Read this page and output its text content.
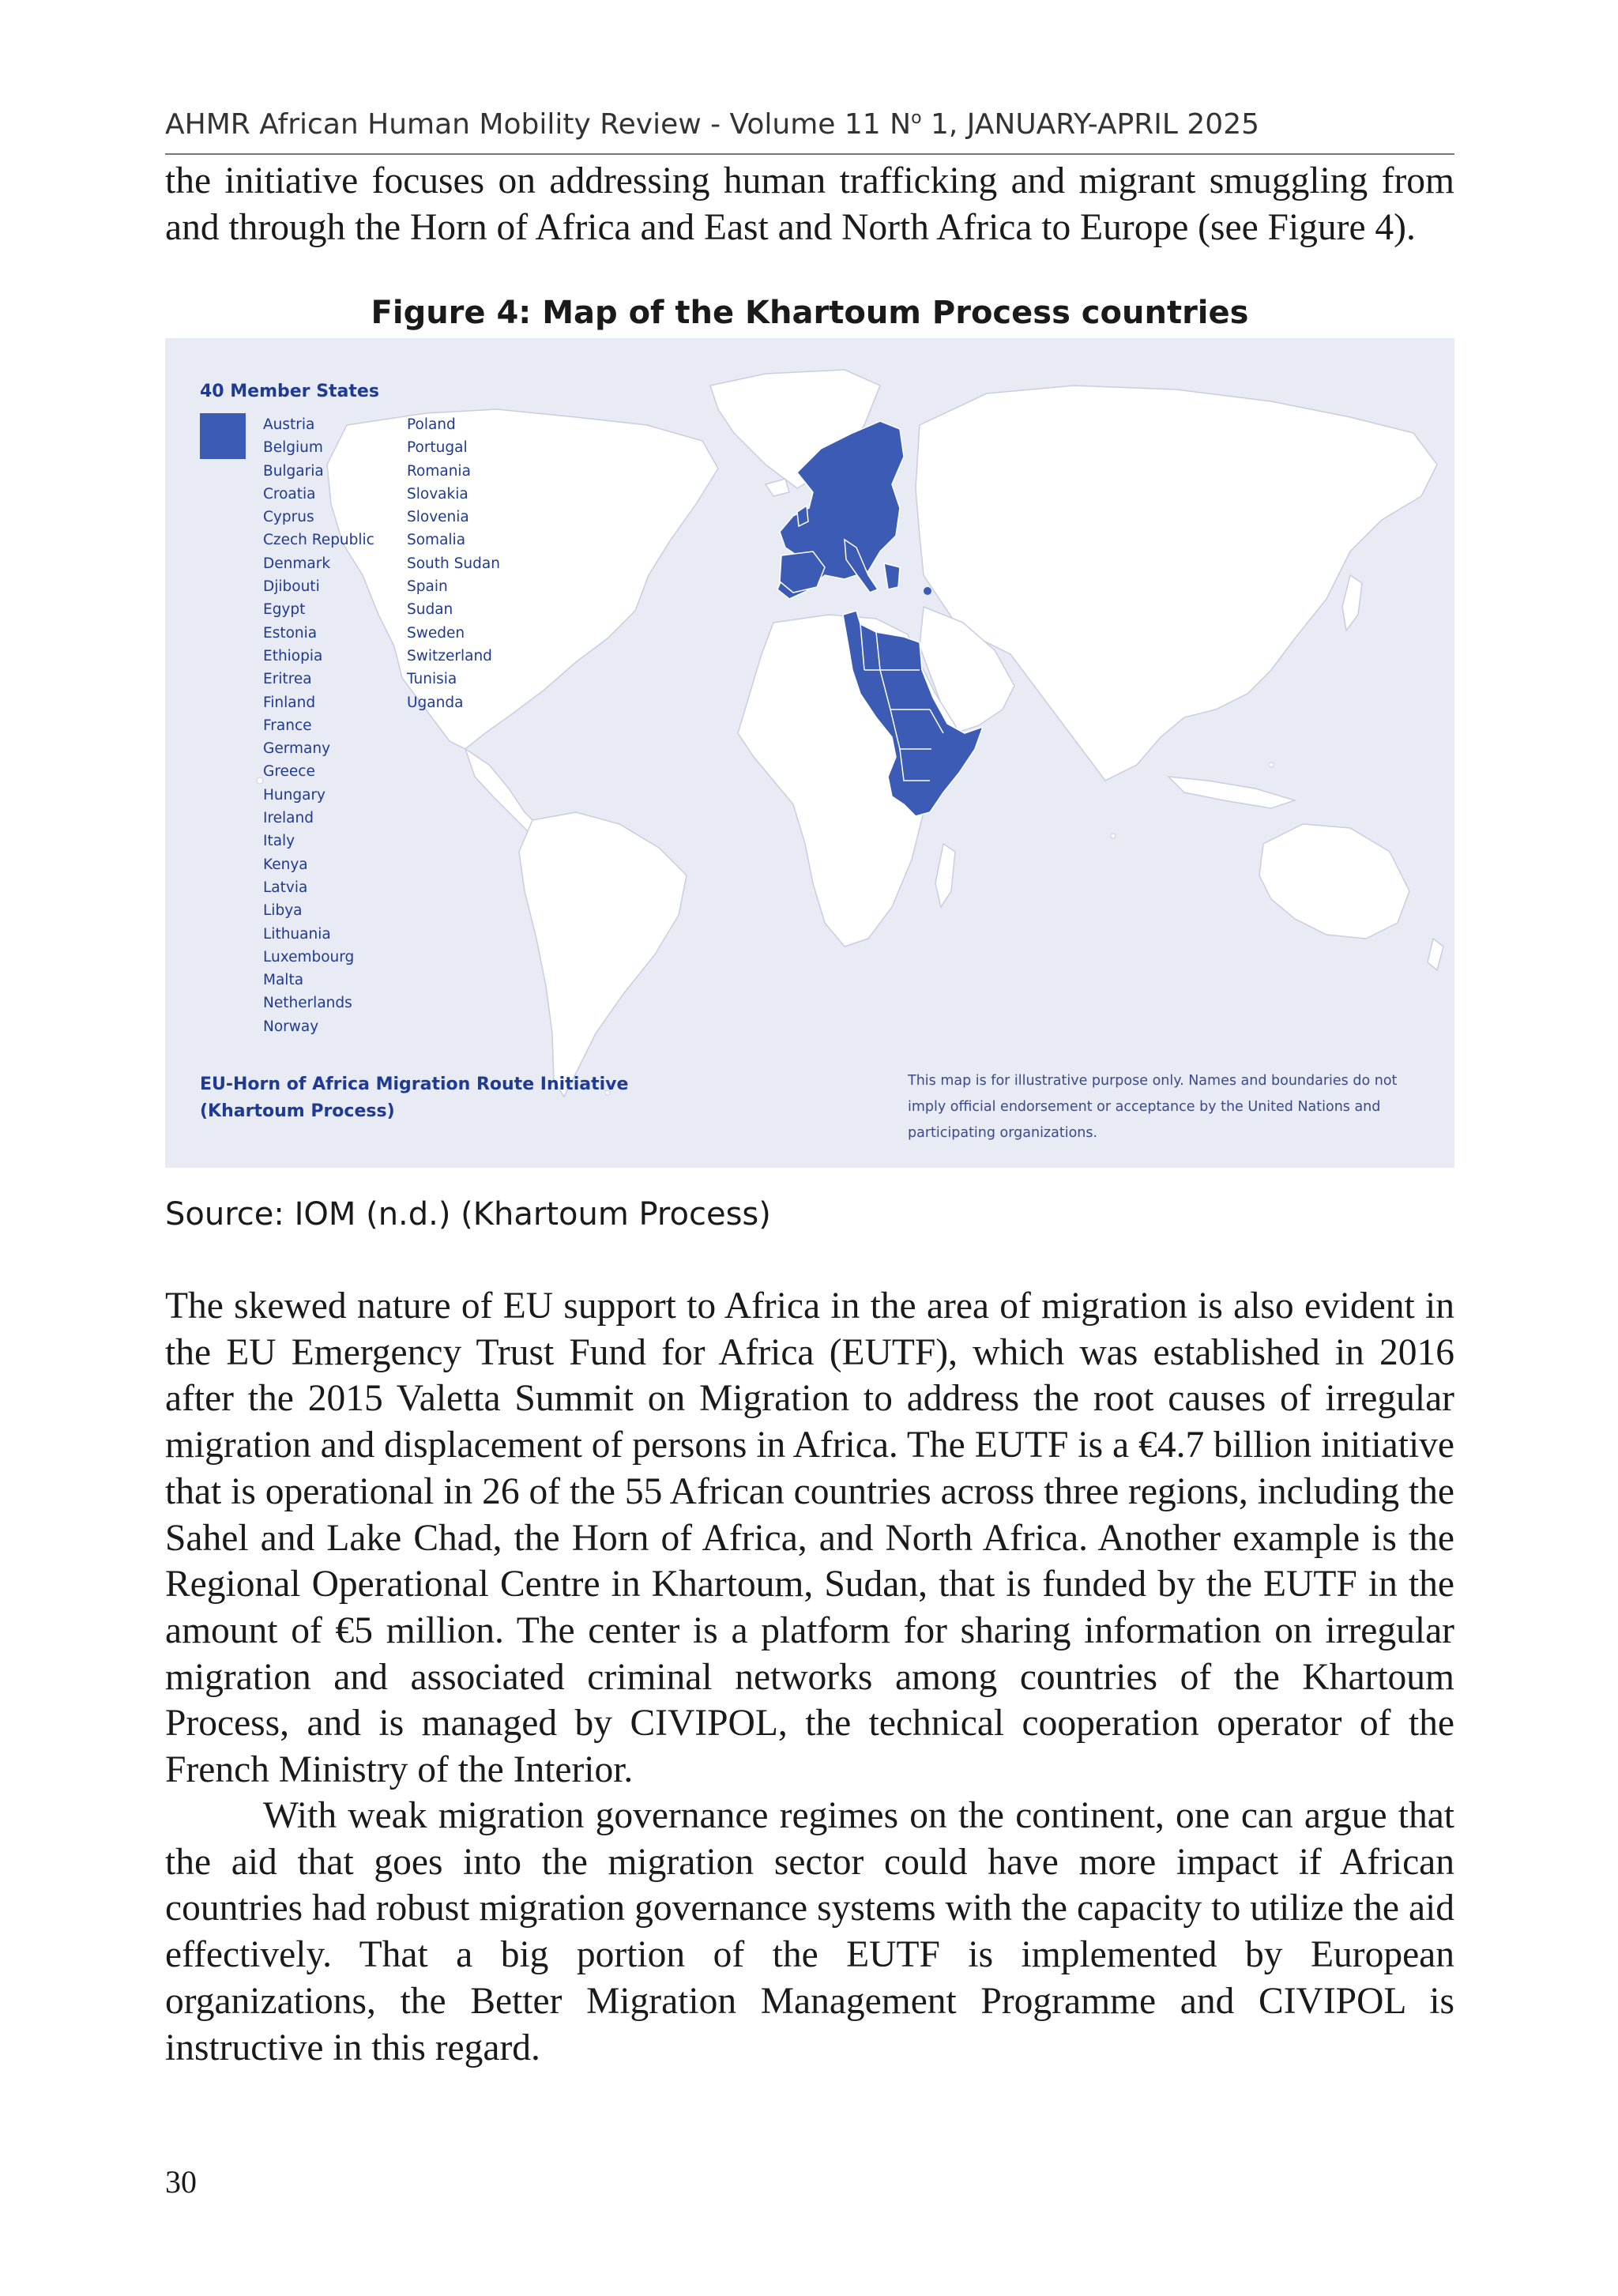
AHMR African Human Mobility Review - Volume 11 $N^o$ 1, JANUARY-APRIL 2025

the initiative focuses on addressing human trafficking and migrant smuggling from and through the Horn of Africa and East and North Africa to Europe (see Figure 4).

Figure 4: Map of the Khartoum Process countries
40 Member States
Austria
Belgium
Bulgaria
Croatia
Cyprus
Czech Republic
Denmark
Djibouti
Egypt
Estonia
Ethiopia
Eritrea
Finland
France
Germany
Greece
Hungary
Ireland
Italy
Kenya
Latvia
Libya
Lithuania
Luxembourg
Malta
Netherlands
Norway
Poland
Portugal
Romania
Slovakia
Slovenia
Somalia
South Sudan
Spain
Sudan
Sweden
Switzerland
Tunisia
Uganda
EU-Horn of Africa Migration Route Initiative (Khartoum Process)
This map is for illustrative purpose only. Names and boundaries do not imply official endorsement or acceptance by the United Nations and participating organizations.
Source: IOM (n.d.) (Khartoum Process)

The skewed nature of EU support to Africa in the area of migration is also evident in the EU Emergency Trust Fund for Africa (EUTF), which was established in 2016 after the 2015 Valetta Summit on Migration to address the root causes of irregular migration and displacement of persons in Africa. The EUTF is a €4.7 billion initiative that is operational in 26 of the 55 African countries across three regions, including the Sahel and Lake Chad, the Horn of Africa, and North Africa. Another example is the Regional Operational Centre in Khartoum, Sudan, that is funded by the EUTF in the amount of €5 million. The center is a platform for sharing information on irregular migration and associated criminal networks among countries of the Khartoum Process, and is managed by CIVIPOL, the technical cooperation operator of the French Ministry of the Interior.

With weak migration governance regimes on the continent, one can argue that the aid that goes into the migration sector could have more impact if African countries had robust migration governance systems with the capacity to utilize the aid effectively. That a big portion of the EUTF is implemented by European organizations, the Better Migration Management Programme and CIVIPOL is instructive in this regard.

30
